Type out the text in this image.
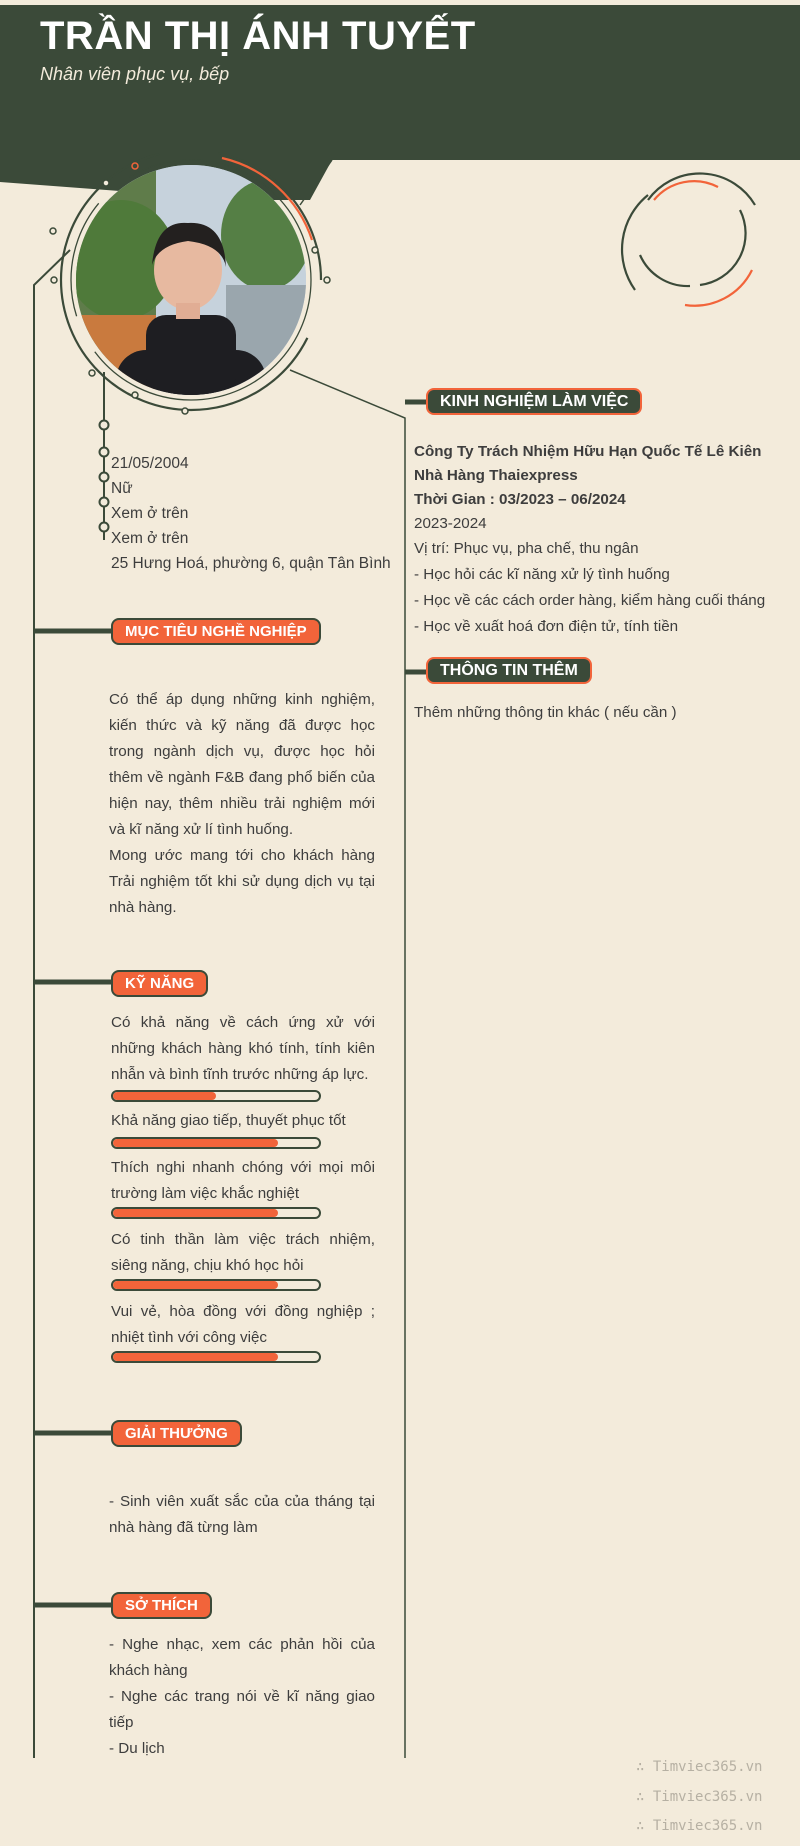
TRẦN THỊ ÁNH TUYẾT
Nhân viên phục vụ, bếp
21/05/2004
Nữ
Xem ở trên
Xem ở trên
25 Hưng Hoá, phường 6, quận Tân Bình
MỤC TIÊU NGHỀ NGHIỆP

Có thể áp dụng những kinh nghiệm, kiến thức và kỹ năng đã được học trong ngành dịch vụ, được học hỏi thêm về ngành F&B đang phổ biến của hiện nay, thêm nhiều trải nghiệm mới và kĩ năng xử lí tình huống.

Mong ước mang tới cho khách hàng Trải nghiệm tốt khi sử dụng dịch vụ tại nhà hàng.

KỸ NĂNG
Có khả năng về cách ứng xử với những khách hàng khó tính, tính kiên nhẫn và bình tĩnh trước những áp lực.
Khả năng giao tiếp, thuyết phục tốt
Thích nghi nhanh chóng với mọi môi trường làm việc khắc nghiệt
Có tinh thần làm việc trách nhiệm, siêng năng, chịu khó học hỏi
Vui vẻ, hòa đồng với đồng nghiệp ; nhiệt tình với công việc
GIẢI THƯỞNG

- Sinh viên xuất sắc của của tháng tại nhà hàng đã từng làm

SỞ THÍCH

- Nghe nhạc, xem các phản hồi của khách hàng

- Nghe các trang nói về kĩ năng giao tiếp

- Du lịch

KINH NGHIỆM LÀM VIỆC
Công Ty Trách Nhiệm Hữu Hạn Quốc Tế Lê Kiên
Nhà Hàng Thaiexpress
Thời Gian : 03/2023 – 06/2024
2023-2024
Vị trí: Phục vụ, pha chế, thu ngân
- Học hỏi các kĩ năng xử lý tình huống
- Học về các cách order hàng, kiểm hàng cuối tháng
- Học về xuất hoá đơn điện tử, tính tiền
THÔNG TIN THÊM
Thêm những thông tin khác ( nếu cần )
∴ Timviec365.vn
∴ Timviec365.vn
∴ Timviec365.vn
